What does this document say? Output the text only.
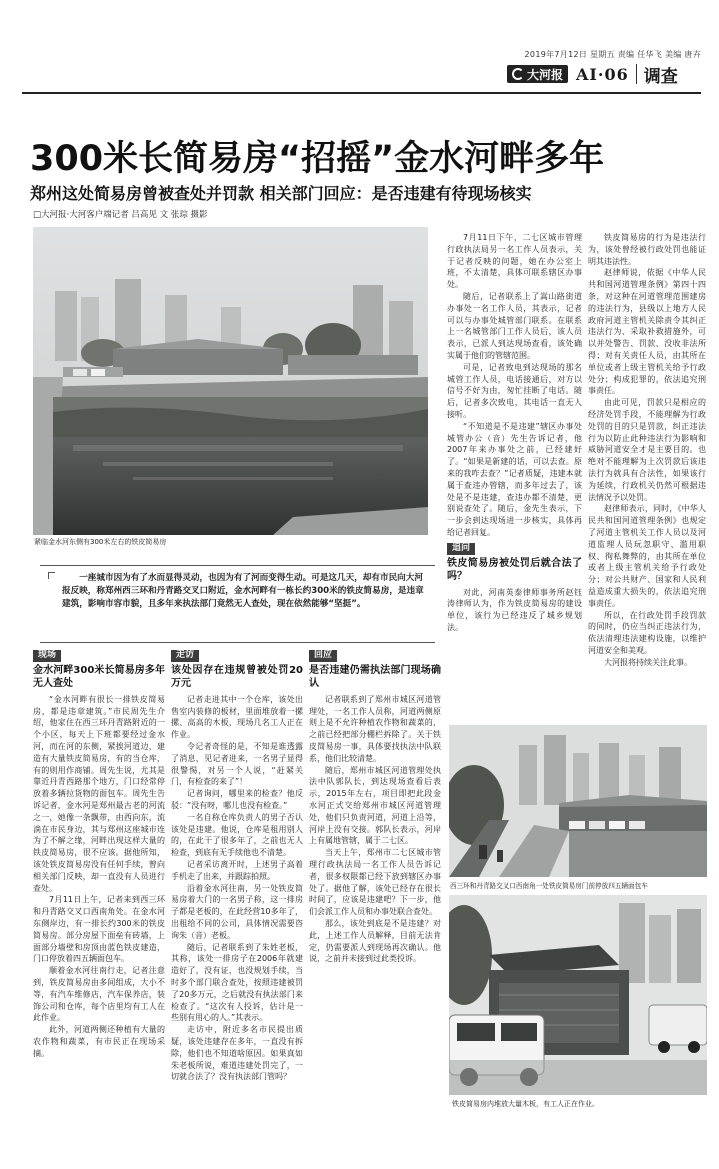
2019年7月12日 星期五 责编 任华飞 美编 唐卉
大河报 AⅠ·06 调查
300米长简易房“招摇”金水河畔多年
郑州这处简易房曾被查处并罚款 相关部门回应：是否违建有待现场核实
□大河报·大河客户端记者 吕高见 文 张琮 摄影
紧临金水河东侧有300米左右的铁皮简易房

一座城市因为有了水而显得灵动，也因为有了河而变得生动。可是这几天，却有市民向大河报反映，称郑州西三环和丹青路交叉口附近，金水河畔有一栋长约300米的铁皮简易房，是违章建筑，影响市容市貌，且多年来执法部门竟然无人查处，现在依然能够“坚挺”。

现场
金水河畔300米长简易房多年无人查处

“金水河畔有很长一排铁皮简易房，都是违章建筑。”市民周先生介绍，他家住在西三环丹青路附近的一个小区，每天上下班都要经过金水河，而在河的东侧，紧挨河道边，建造有大量铁皮简易房，有的当仓库，有的则用作商铺。周先生说，尤其是靠近丹青西路那个地方，门口经常停放着多辆拉货物的面包车。周先生告诉记者，金水河是郑州最古老的河流之一，她像一条飘带，由西向东，流淌在市民身边，其与郑州这座城市连为了不解之缘，河畔出现这样大量的铁皮简易房，很不应该。据他所知，该处铁皮简易房没有任何手续，曾向相关部门反映，却一直没有人员进行查处。

7月11日上午，记者来到西三环和丹青路交叉口西南角处。在金水河东侧岸边，有一排长约300米的铁皮简易房。部分房屋下面垒有砖墙，上面部分墙壁和房顶由蓝色铁皮建造，门口停放着四五辆面包车。

顺着金水河往南行走，记者注意到，铁皮简易房由多间组成，大小不等，有汽车维修店，汽车保养店，装饰公司和仓库，每个店里均有工人在此作业。

此外，河道两侧还种植有大量的农作物和蔬菜，有市民正在现场采摘。

走访
该处因存在违规曾被处罚20万元

记者走进其中一个仓库，该处出售室内装修的板材，里面堆放着一摞摞、高高的木板，现场几名工人正在作业。

令记者奇怪的是，不知是谁透露了消息，见记者进来，一名男子显得很警惕，对另一个人说，“赶紧关门，有检查的来了”！

记者询问，哪里来的检查？他反驳：“没有呀，哪儿也没有检查。”

一名自称仓库负责人的男子否认该处是违建。他说，仓库是租用别人的，在此干了很多年了，之前也无人检查，到底有无手续他也不清楚。

记者采访离开时，上述男子高着手机走了出来，并跟踪拍照。

沿着金水河往南，另一处铁皮简易房着大门的一名男子称，这一排房子都是老板的，在此经营10多年了，出租给不同的公司，具体情况需要咨询朱（音）老板。

随后，记者联系到了朱姓老板，其称，该处一排房子在2006年就建造好了，没有证，也没规划手续，当时多个部门联合查处，按照违建被罚了20多万元，之后就没有执法部门来检查了。“这次有人投诉，估计是一些别有用心的人。”其表示。

走访中，附近多名市民提出质疑，该处违建存在多年，一直没有拆除，他们也不知道啥原因。如果真如朱老板所说，难道违建处罚完了，一切就合法了？没有执法部门管吗？

回应
是否违建仍需执法部门现场确认

记者联系到了郑州市城区河道管理处，一名工作人员称，河道两侧原则上是不允许种植农作物和蔬菜的，之前已经把部分棚栏拆除了。关于铁皮简易房一事，具体要找执法中队联系，他们比较清楚。

随后，郑州市城区河道管理处执法中队郭队长，到达现场查看后表示，2015年左右，项目即把此段金水河正式交给郑州市城区河道管理处，他们只负责河道，河道上沿等，河岸上没有交接。郭队长表示，河岸上有属地管辖，属于二七区。

当天上午，郑州市二七区城市管理行政执法局一名工作人员告诉记者，很多权限都已经下放到辖区办事处了。据他了解，该处已经存在很长时间了，应该是违建吧？下一步，他们会派工作人员和办事处联合查处。

那么，该处到底是不是违建？对此，上述工作人员解释，目前无法肯定，仍需要派人到现场再次确认。他说，之前并未接到过此类投诉。

7月11日下午，二七区城市管理行政执法局另一名工作人员表示，关于记者反映的问题，她在办公室上班，不太清楚，具体可联系辖区办事处。

随后，记者联系上了嵩山路街道办事处一名工作人员，其表示，记者可以与办事处城管部门联系。在联系上一名城管部门工作人员后，该人员表示，已派人到达现场查看，该处确实属于他们的管辖范围。

可是，记者致电到达现场的那名城管工作人员，电话接通后，对方以信号不好为由，匆忙挂断了电话。随后，记者多次致电，其电话一直无人接听。

“不知道是不是违建”辖区办事处城管办公（音）先生告诉记者，他2007年来办事处之前，已经建好了。“如果是新建的话，可以去查。原来的我咋去查？”记者质疑，违建本就属于查违办管辖，而多年过去了，该处是不是违建，查违办都不清楚，更别说查处了。随后，金先生表示，下一步会到达现场进一步核实，具体再给记者回复。

追问
铁皮简易房被处罚后就合法了吗？

对此，河南英泰律师事务所赵钰涛律师认为，作为铁皮简易房的建设单位，该行为已经违反了城乡规划法。

铁皮简易房的行为是违法行为，该处曾经被行政处罚也能证明其违法性。

赵律师说，依据《中华人民共和国河道管理条例》第四十四条，对这种在河道管理范围建房的违法行为，县级以上地方人民政府河道主管机关除责令其纠正违法行为、采取补救措施外，可以并处警告、罚款、没收非法所得；对有关责任人员，由其所在单位或者上级主管机关给予行政处分；构成犯罪的，依法追究刑事责任。

由此可见，罚款只是相应的经济处罚手段，不能理解为行政处罚的目的只是罚款，纠正违法行为以防止此种违法行为影响和威胁河道安全才是主要目的。也绝对不能理解为上次罚款后该违法行为就具有合法性，如果该行为延续，行政机关仍然可根据违法情况予以处罚。

赵律师表示，同时，《中华人民共和国河道管理条例》也规定了河道主管机关工作人员以及河道监理人员玩忽职守、滥用职权、徇私舞弊的，由其所在单位或者上级主管机关给予行政处分；对公共财产、国家和人民利益造成重大损失的，依法追究刑事责任。

所以，在行政处罚手段罚款的同时，仍应当纠正违法行为，依法清理违法建构设施，以维护河道安全和美观。

大河报将持续关注此事。

西三环和丹青路交叉口西南角一处铁皮简易房门前停放四五辆面包车
铁皮简易房内堆放大量木板，有工人正在作业。
